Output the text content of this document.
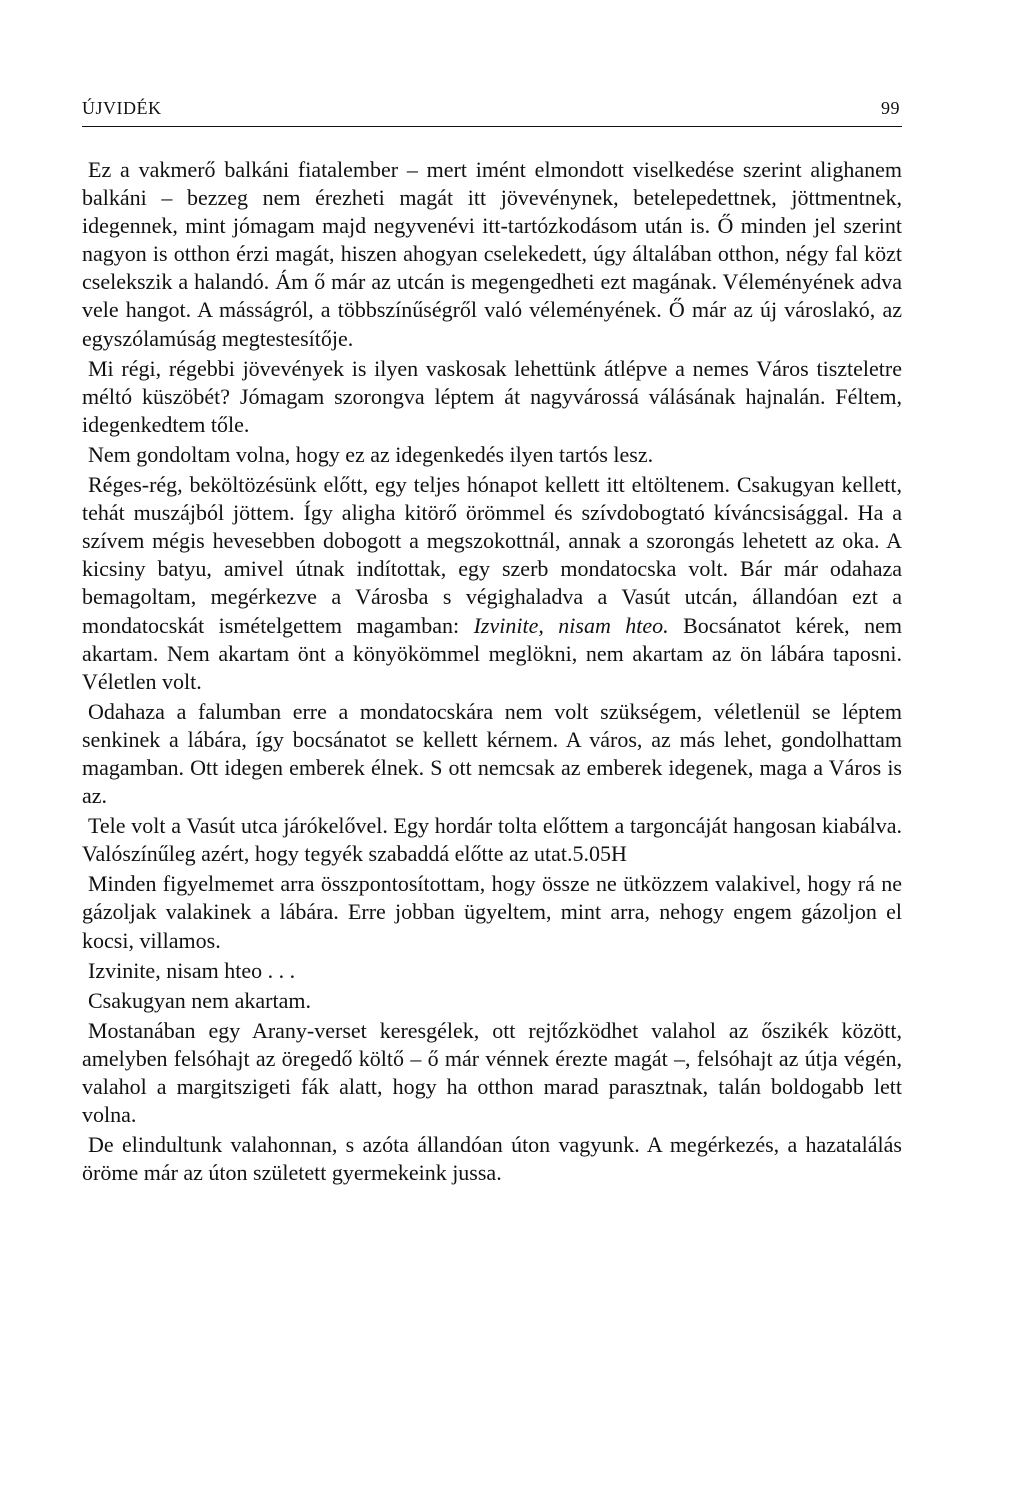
ÚJVIDÉK	99

Ez a vakmerő balkáni fiatalember – mert imént elmondott viselkedése szerint alighanem balkáni – bezzeg nem érezheti magát itt jövevénynek, betelepedettnek, jöttmentnek, idegennek, mint jómagam majd negyvenévi itt-tartózkodásom után is. Ő minden jel szerint nagyon is otthon érzi magát, hiszen ahogyan cselekedett, úgy általában otthon, négy fal közt cselekszik a halandó. Ám ő már az utcán is megengedheti ezt magának. Véleményének adva vele hangot. A másságról, a többszínűségről való véleményének. Ő már az új városlakó, az egyszólamúság megtestesítője.

Mi régi, régebbi jövevények is ilyen vaskosak lehettünk átlépve a nemes Város tiszteletre méltó küszöbét? Jómagam szorongva léptem át nagyvárossá válásának hajnalán. Féltem, idegenkedtem tőle.

Nem gondoltam volna, hogy ez az idegenkedés ilyen tartós lesz.

Réges-rég, beköltözésünk előtt, egy teljes hónapot kellett itt eltöltenem. Csakugyan kellett, tehát muszájból jöttem. Így aligha kitörő örömmel és szívdobogtató kíváncsisággal. Ha a szívem mégis hevesebben dobogott a megszokottnál, annak a szorongás lehetett az oka. A kicsiny batyu, amivel útnak indítottak, egy szerb mondatocska volt. Bár már odahaza bemagoltam, megérkezve a Városba s végighaladva a Vasút utcán, állandóan ezt a mondatocskát ismételgettem magamban: Izvinite, nisam hteo. Bocsánatot kérek, nem akartam. Nem akartam önt a könyökömmel meglökni, nem akartam az ön lábára taposni. Véletlen volt.

Odahaza a falumban erre a mondatocskára nem volt szükségem, véletlenül se léptem senkinek a lábára, így bocsánatot se kellett kérnem. A város, az más lehet, gondolhattam magamban. Ott idegen emberek élnek. S ott nemcsak az emberek idegenek, maga a Város is az.

Tele volt a Vasút utca járókelővel. Egy hordár tolta előttem a targoncáját hangosan kiabálva. Valószínűleg azért, hogy tegyék szabaddá előtte az utat.5.05H

Minden figyelmemet arra összpontosítottam, hogy össze ne ütközzem valakivel, hogy rá ne gázoljak valakinek a lábára. Erre jobban ügyeltem, mint arra, nehogy engem gázoljon el kocsi, villamos.

Izvinite, nisam hteo . . .

Csakugyan nem akartam.

Mostanában egy Arany-verset keresgélek, ott rejtőzködhet valahol az őszikék között, amelyben felsóhajt az öregedő költő – ő már vénnek érezte magát –, felsóhajt az útja végén, valahol a margitszigeti fák alatt, hogy ha otthon marad parasztnak, talán boldogabb lett volna.

De elindultunk valahonnan, s azóta állandóan úton vagyunk. A megérkezés, a hazatalálás öröme már az úton született gyermekeink jussa.
